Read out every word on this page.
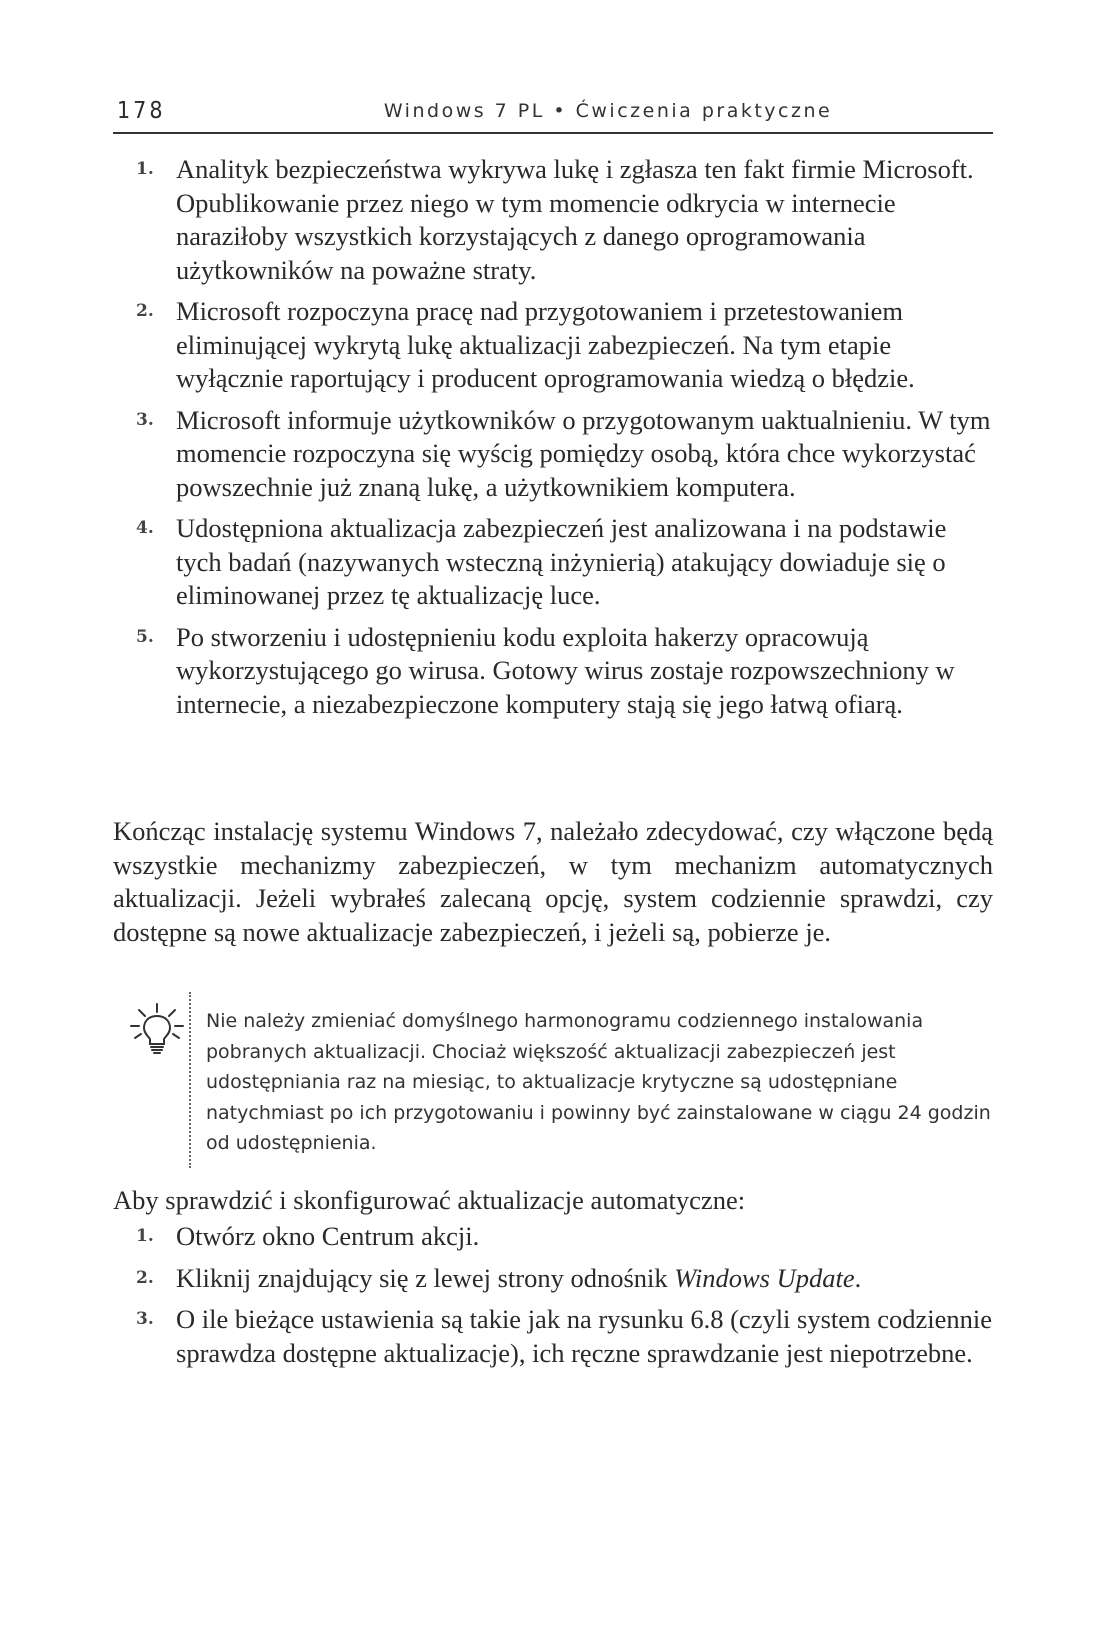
178	Windows 7 PL • Ćwiczenia praktyczne
1. Analityk bezpieczeństwa wykrywa lukę i zgłasza ten fakt firmie Microsoft. Opublikowanie przez niego w tym momencie odkrycia w internecie naraziłoby wszystkich korzystających z danego oprogramowania użytkowników na poważne straty.
2. Microsoft rozpoczyna pracę nad przygotowaniem i przetestowaniem eliminującej wykrytą lukę aktualizacji zabezpieczeń. Na tym etapie wyłącznie raportujący i producent oprogramowania wiedzą o błędzie.
3. Microsoft informuje użytkowników o przygotowanym uaktualnieniu. W tym momencie rozpoczyna się wyścig pomiędzy osobą, która chce wykorzystać powszechnie już znaną lukę, a użytkownikiem komputera.
4. Udostępniona aktualizacja zabezpieczeń jest analizowana i na podstawie tych badań (nazywanych wsteczną inżynierią) atakujący dowiaduje się o eliminowanej przez tę aktualizację luce.
5. Po stworzeniu i udostępnieniu kodu exploita hakerzy opracowują wykorzystującego go wirusa. Gotowy wirus zostaje rozpowszechniony w internecie, a niezabezpieczone komputery stają się jego łatwą ofiarą.

Kończąc instalację systemu Windows 7, należało zdecydować, czy włączone będą wszystkie mechanizmy zabezpieczeń, w tym mechanizm automatycznych aktualizacji. Jeżeli wybrałeś zalecaną opcję, system codziennie sprawdzi, czy dostępne są nowe aktualizacje zabezpieczeń, i jeżeli są, pobierze je.

Nie należy zmieniać domyślnego harmonogramu codziennego instalowania pobranych aktualizacji. Chociaż większość aktualizacji zabezpieczeń jest udostępniania raz na miesiąc, to aktualizacje krytyczne są udostępniane natychmiast po ich przygotowaniu i powinny być zainstalowane w ciągu 24 godzin od udostępnienia.

Aby sprawdzić i skonfigurować aktualizacje automatyczne:

1. Otwórz okno Centrum akcji.
2. Kliknij znajdujący się z lewej strony odnośnik Windows Update.
3. O ile bieżące ustawienia są takie jak na rysunku 6.8 (czyli system codziennie sprawdza dostępne aktualizacje), ich ręczne sprawdzanie jest niepotrzebne.
